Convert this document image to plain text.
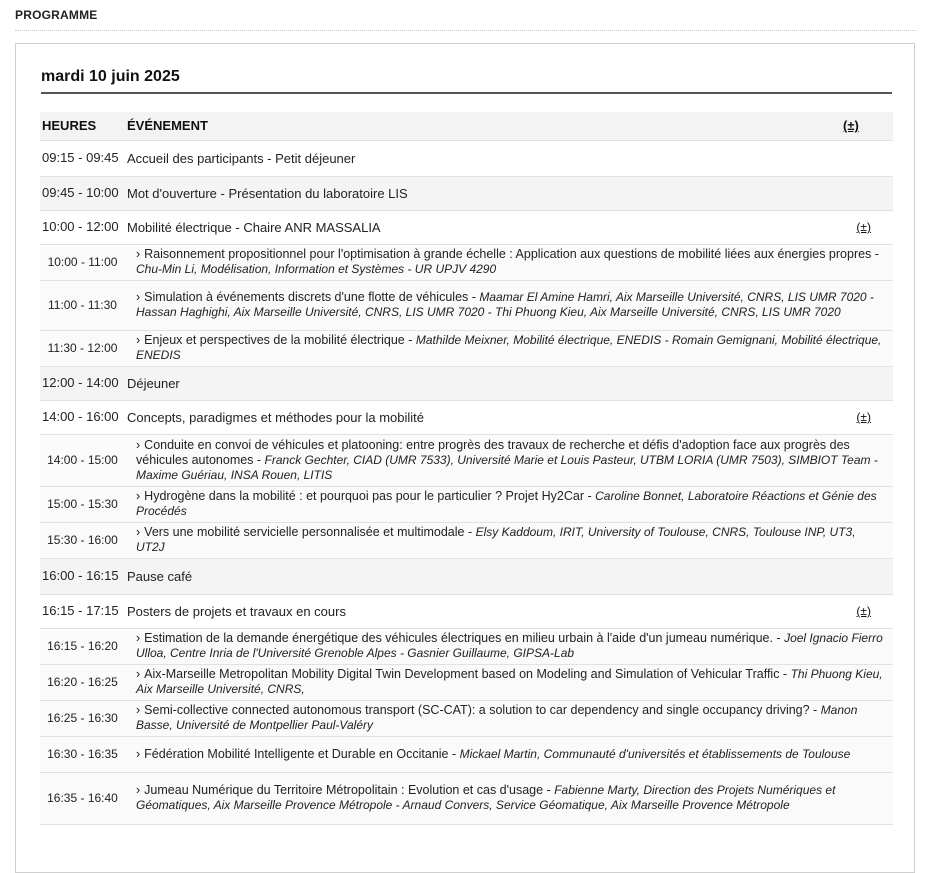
PROGRAMME
mardi 10 juin 2025
HEURES	ÉVÉNEMENT	(±)
09:15 - 09:45	Accueil des participants - Petit déjeuner	
09:45 - 10:00	Mot d'ouverture - Présentation du laboratoire LIS	
10:00 - 12:00	Mobilité électrique - Chaire ANR MASSALIA	(±)
10:00 - 11:00	› Raisonnement propositionnel pour l'optimisation à grande échelle : Application aux questions de mobilité liées aux énergies propres - Chu-Min Li, Modélisation, Information et Systèmes - UR UPJV 4290	
11:00 - 11:30	› Simulation à événements discrets d'une flotte de véhicules - Maamar El Amine Hamri, Aix Marseille Université, CNRS, LIS UMR 7020 - Hassan Haghighi, Aix Marseille Université, CNRS, LIS UMR 7020 - Thi Phuong Kieu, Aix Marseille Université, CNRS, LIS UMR 7020	
11:30 - 12:00	› Enjeux et perspectives de la mobilité électrique - Mathilde Meixner, Mobilité électrique, ENEDIS - Romain Gemignani, Mobilité électrique, ENEDIS	
12:00 - 14:00	Déjeuner	
14:00 - 16:00	Concepts, paradigmes et méthodes pour la mobilité	(±)
14:00 - 15:00	› Conduite en convoi de véhicules et platooning: entre progrès des travaux de recherche et défis d'adoption face aux progrès des véhicules autonomes - Franck Gechter, CIAD (UMR 7533), Université Marie et Louis Pasteur, UTBM LORIA (UMR 7503), SIMBIOT Team - Maxime Guériau, INSA Rouen, LITIS	
15:00 - 15:30	› Hydrogène dans la mobilité : et pourquoi pas pour le particulier ? Projet Hy2Car - Caroline Bonnet, Laboratoire Réactions et Génie des Procédés	
15:30 - 16:00	› Vers une mobilité servicielle personnalisée et multimodale - Elsy Kaddoum, IRIT, University of Toulouse, CNRS, Toulouse INP, UT3, UT2J	
16:00 - 16:15	Pause café	
16:15 - 17:15	Posters de projets et travaux en cours	(±)
16:15 - 16:20	› Estimation de la demande énergétique des véhicules électriques en milieu urbain à l'aide d'un jumeau numérique. - Joel Ignacio Fierro Ulloa, Centre Inria de l'Université Grenoble Alpes - Gasnier Guillaume, GIPSA-Lab	
16:20 - 16:25	› Aix-Marseille Metropolitan Mobility Digital Twin Development based on Modeling and Simulation of Vehicular Traffic - Thi Phuong Kieu, Aix Marseille Université, CNRS,	
16:25 - 16:30	› Semi-collective connected autonomous transport (SC-CAT): a solution to car dependency and single occupancy driving? - Manon Basse, Université de Montpellier Paul-Valéry	
16:30 - 16:35	› Fédération Mobilité Intelligente et Durable en Occitanie - Mickael Martin, Communauté d'universités et établissements de Toulouse	
16:35 - 16:40	› Jumeau Numérique du Territoire Métropolitain : Evolution et cas d'usage - Fabienne Marty, Direction des Projets Numériques et Géomatiques, Aix Marseille Provence Métropole - Arnaud Convers, Service Géomatique, Aix Marseille Provence Métropole	
